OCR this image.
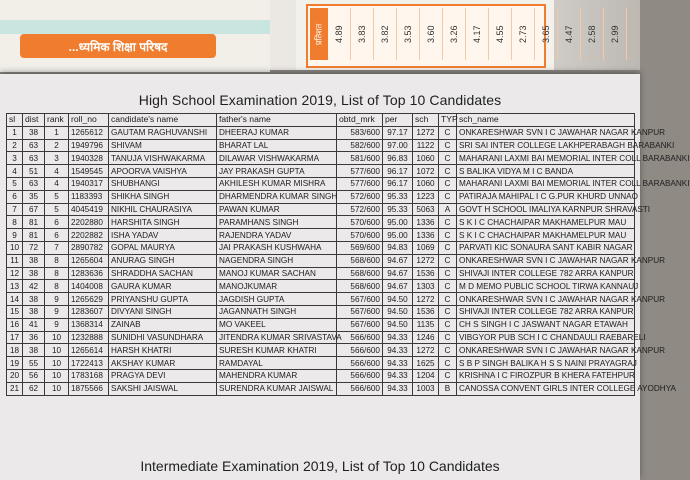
...ध्यमिक शिक्षा परिषद
प्रतिशत	4.89	3.83	3.82	3.53	3.60	3.26	4.17	4.55	2.73	3.65	4.47	2.58	2.99
High School Examination 2019, List of Top 10 Candidates
sl	dist	rank	roll_no	candidate's name	father's name	obtd_mrk	per	sch	TYP	sch_name
1	38	1	1265612	GAUTAM RAGHUVANSHI	DHEERAJ KUMAR	583/600	97.17	1272	C	ONKARESHWAR SVN I C JAWAHAR NAGAR KANPUR
2	63	2	1949796	SHIVAM	BHARAT LAL	582/600	97.00	1122	C	SRI SAI INTER COLLEGE LAKHPERABAGH BARABANKI
3	63	3	1940328	TANUJA VISHWAKARMA	DILAWAR VISHWAKARMA	581/600	96.83	1060	C	MAHARANI LAXMI BAI MEMORIAL INTER COLL BARABANKI
4	51	4	1549545	APOORVA VAISHYA	JAY PRAKASH GUPTA	577/600	96.17	1072	C	S BALIKA VIDYA M I C BANDA
5	63	4	1940317	SHUBHANGI	AKHILESH KUMAR MISHRA	577/600	96.17	1060	C	MAHARANI LAXMI BAI MEMORIAL INTER COLL BARABANKI
6	35	5	1183393	SHIKHA SINGH	DHARMENDRA KUMAR SINGH	572/600	95.33	1223	C	PATIRAJA MAHIPAL I C G.PUR KHURD UNNAO
7	67	5	4045419	NIKHIL CHAURASIYA	PAWAN KUMAR	572/600	95.33	5063	A	GOVT H SCHOOL IMALIYA KARNPUR SHRAVASTI
8	81	6	2202880	HARSHITA SINGH	PARAMHANS SINGH	570/600	95.00	1336	C	S K I C CHACHAIPAR MAKHAMELPUR MAU
9	81	6	2202882	ISHA YADAV	RAJENDRA YADAV	570/600	95.00	1336	C	S K I C CHACHAIPAR MAKHAMELPUR MAU
10	72	7	2890782	GOPAL MAURYA	JAI PRAKASH KUSHWAHA	569/600	94.83	1069	C	PARVATI KIC SONAURA SANT KABIR NAGAR
11	38	8	1265604	ANURAG SINGH	NAGENDRA SINGH	568/600	94.67	1272	C	ONKARESHWAR SVN I C JAWAHAR NAGAR KANPUR
12	38	8	1283636	SHRADDHA SACHAN	MANOJ KUMAR SACHAN	568/600	94.67	1536	C	SHIVAJI INTER COLLEGE 782 ARRA KANPUR
13	42	8	1404008	GAURA KUMAR	MANOJKUMAR	568/600	94.67	1303	C	M D MEMO PUBLIC SCHOOL TIRWA KANNAUJ
14	38	9	1265629	PRIYANSHU GUPTA	JAGDISH GUPTA	567/600	94.50	1272	C	ONKARESHWAR SVN I C JAWAHAR NAGAR KANPUR
15	38	9	1283607	DIVYANI SINGH	JAGANNATH SINGH	567/600	94.50	1536	C	SHIVAJI INTER COLLEGE 782 ARRA KANPUR
16	41	9	1368314	ZAINAB	MO VAKEEL	567/600	94.50	1135	C	CH S SINGH I C JASWANT NAGAR ETAWAH
17	36	10	1232888	SUNIDHI VASUNDHARA	JITENDRA KUMAR SRIVASTAVA	566/600	94.33	1246	C	VIBGYOR PUB SCH I C CHANDAULI RAEBARELI
18	38	10	1265614	HARSH KHATRI	SURESH KUMAR KHATRI	566/600	94.33	1272	C	ONKARESHWAR SVN I C JAWAHAR NAGAR KANPUR
19	55	10	1722413	AKSHAY KUMAR	RAMDAYAL	566/600	94.33	1625	C	S B P SINGH BALIKA H S S NAINI PRAYAGRAJ
20	56	10	1783168	PRAGYA DEVI	MAHENDRA KUMAR	566/600	94.33	1204	C	KRISHNA I C FIROZPUR B KHERA FATEHPUR
21	62	10	1875566	SAKSHI JAISWAL	SURENDRA KUMAR JAISWAL	566/600	94.33	1003	B	CANOSSA CONVENT GIRLS INTER COLLEGE AYODHYA
Intermediate Examination 2019, List of Top 10 Candidates
